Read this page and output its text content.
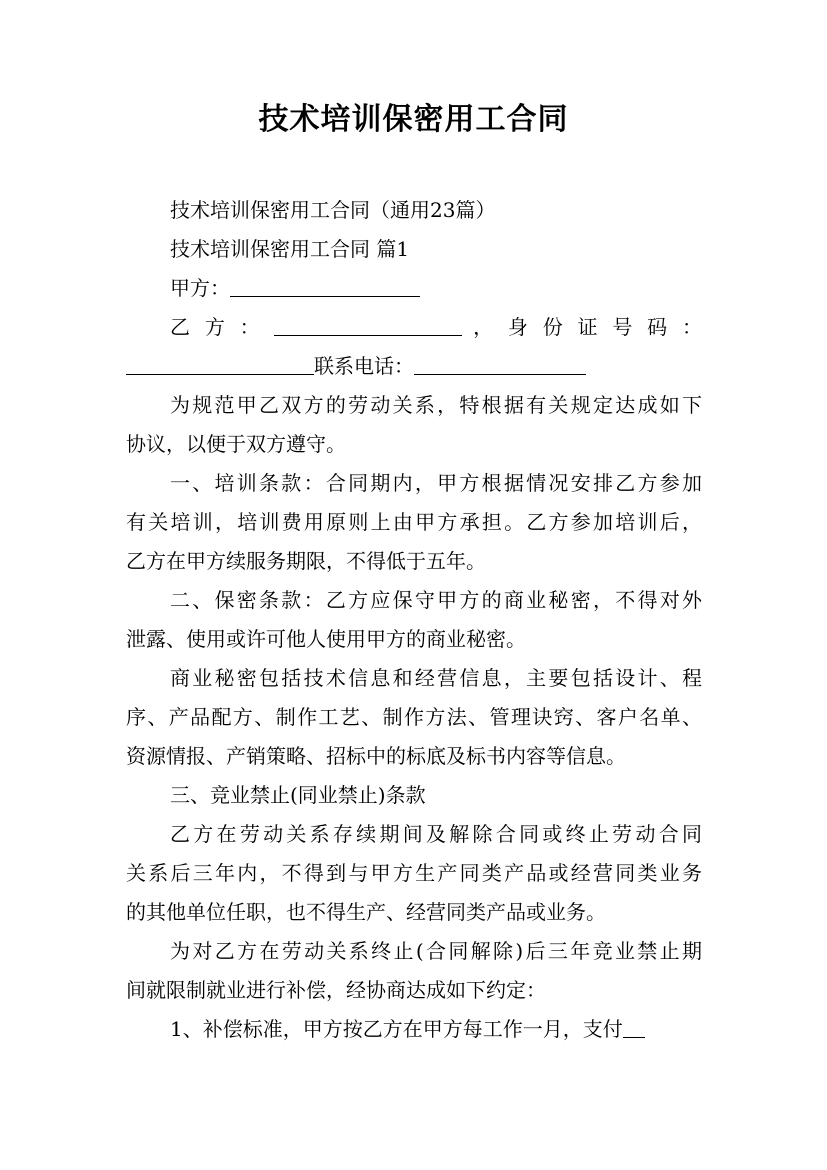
技术培训保密用工合同
技术培训保密用工合同（通用23篇）
技术培训保密用工合同 篇1
甲方：
乙 方 ：	， 身 份 证 号 码 ：
联系电话：
为规范甲乙双方的劳动关系，特根据有关规定达成如下
协议，以便于双方遵守。
一、培训条款：合同期内，甲方根据情况安排乙方参加
有关培训，培训费用原则上由甲方承担。乙方参加培训后，
乙方在甲方续服务期限，不得低于五年。
二、保密条款：乙方应保守甲方的商业秘密，不得对外
泄露、使用或许可他人使用甲方的商业秘密。
商业秘密包括技术信息和经营信息，主要包括设计、程
序、产品配方、制作工艺、制作方法、管理诀窍、客户名单、
资源情报、产销策略、招标中的标底及标书内容等信息。
三、竞业禁止(同业禁止)条款
乙方在劳动关系存续期间及解除合同或终止劳动合同
关系后三年内，不得到与甲方生产同类产品或经营同类业务
的其他单位任职，也不得生产、经营同类产品或业务。
为对乙方在劳动关系终止(合同解除)后三年竞业禁止期
间就限制就业进行补偿，经协商达成如下约定：
1、补偿标准，甲方按乙方在甲方每工作一月，支付
